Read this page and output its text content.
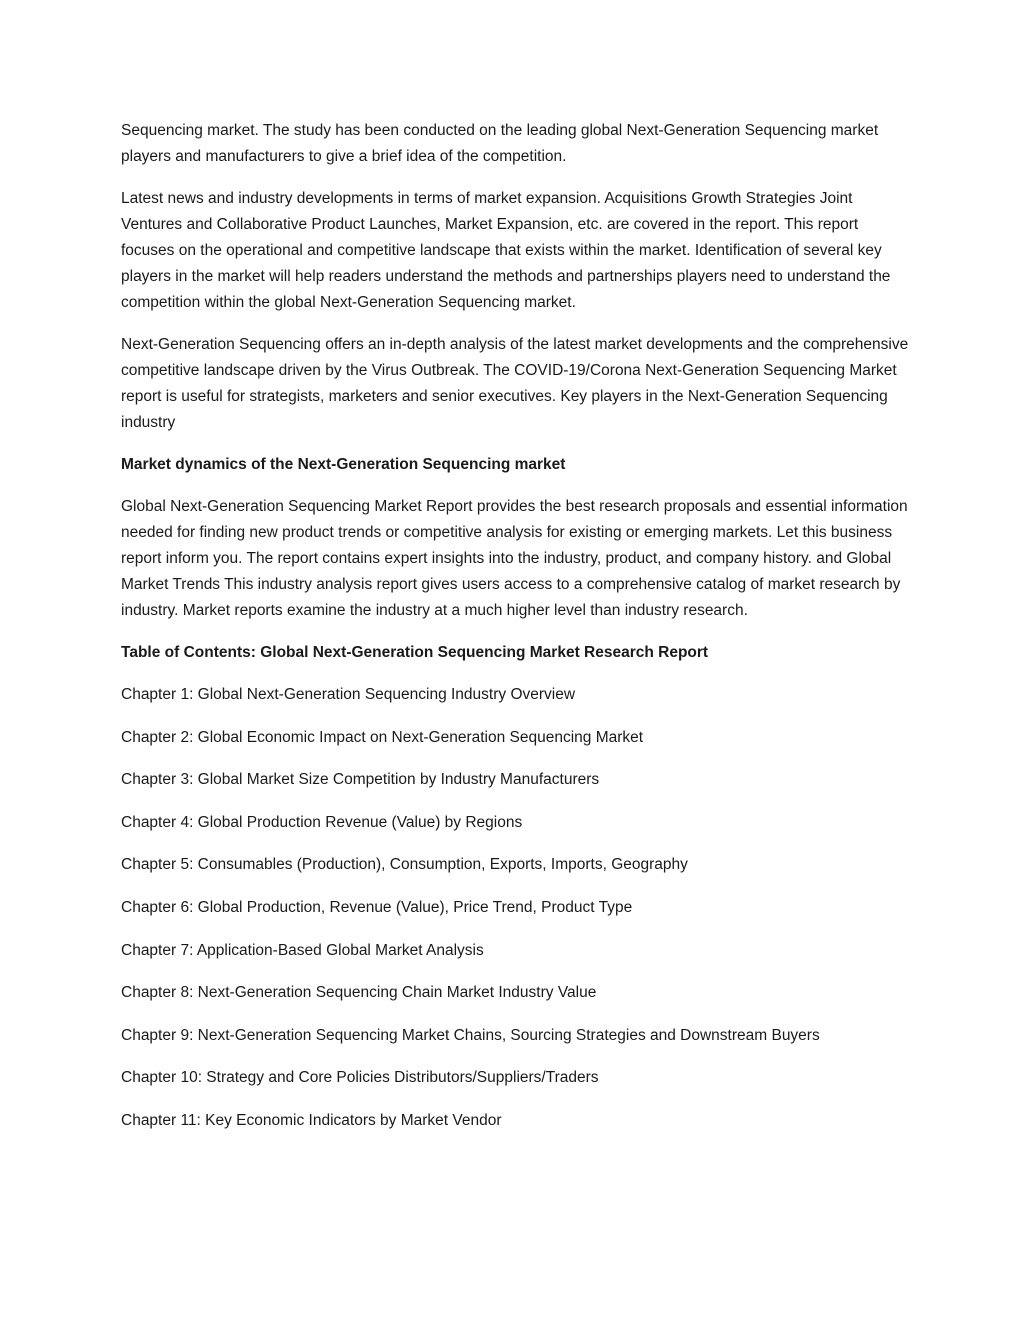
Sequencing market. The study has been conducted on the leading global Next-Generation Sequencing market players and manufacturers to give a brief idea of the competition.

Latest news and industry developments in terms of market expansion. Acquisitions Growth Strategies Joint Ventures and Collaborative Product Launches, Market Expansion, etc. are covered in the report. This report focuses on the operational and competitive landscape that exists within the market. Identification of several key players in the market will help readers understand the methods and partnerships players need to understand the competition within the global Next-Generation Sequencing market.

Next-Generation Sequencing offers an in-depth analysis of the latest market developments and the comprehensive competitive landscape driven by the Virus Outbreak. The COVID-19/Corona Next-Generation Sequencing Market report is useful for strategists, marketers and senior executives. Key players in the Next-Generation Sequencing industry

Market dynamics of the Next-Generation Sequencing market

Global Next-Generation Sequencing Market Report provides the best research proposals and essential information needed for finding new product trends or competitive analysis for existing or emerging markets. Let this business report inform you. The report contains expert insights into the industry, product, and company history. and Global Market Trends This industry analysis report gives users access to a comprehensive catalog of market research by industry. Market reports examine the industry at a much higher level than industry research.

Table of Contents: Global Next-Generation Sequencing Market Research Report

Chapter 1: Global Next-Generation Sequencing Industry Overview
Chapter 2: Global Economic Impact on Next-Generation Sequencing Market
Chapter 3: Global Market Size Competition by Industry Manufacturers
Chapter 4: Global Production Revenue (Value) by Regions
Chapter 5: Consumables (Production), Consumption, Exports, Imports, Geography
Chapter 6: Global Production, Revenue (Value), Price Trend, Product Type
Chapter 7: Application-Based Global Market Analysis
Chapter 8: Next-Generation Sequencing Chain Market Industry Value
Chapter 9: Next-Generation Sequencing Market Chains, Sourcing Strategies and Downstream Buyers
Chapter 10: Strategy and Core Policies Distributors/Suppliers/Traders
Chapter 11: Key Economic Indicators by Market Vendor
